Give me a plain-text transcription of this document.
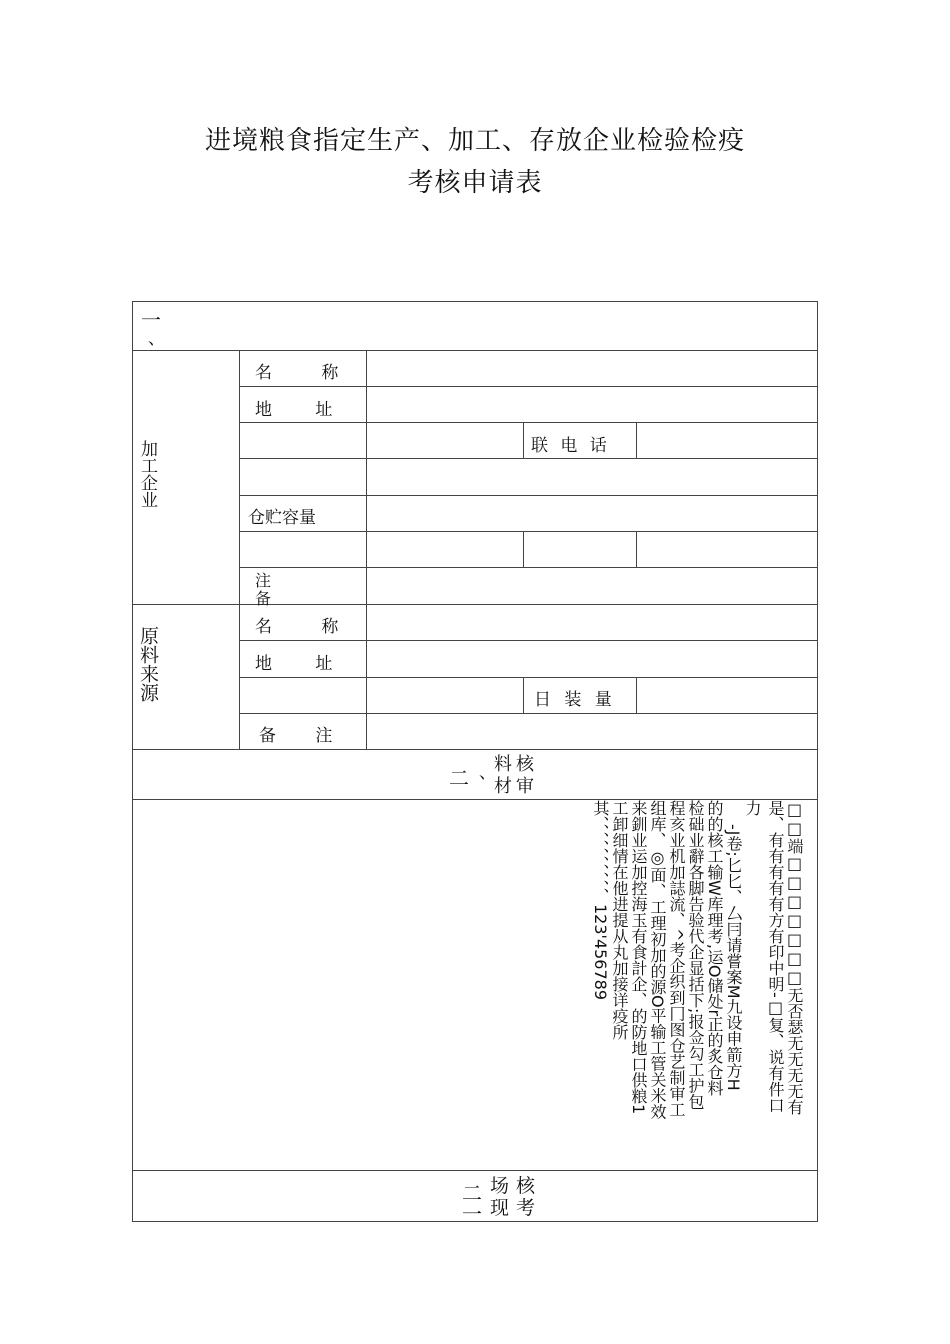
进境粮食指定生产、加工、存放企业检验检疫
考核申请表
一
、
加工企业
名 称
地 址
联 电 话
仓贮容量
注
备
原料来源	名 称
地 址
日 装 量
备 注
二 、
料材
核审
□□端□□□□□□□无否瑟无无无无有
是、有有有有有方有印中明-□复、说有件口
力
-J卷;匕匕、厶冃请嘗案M九设申箭方H
的的核工输W库理考,运O储处r正的炙仓料
检础业辭各脚告验代企显括下;报佥勾工护包
程亥业机加誌流、^考企织到冂图仓艺制审工
组库、◎面、工理初加的源O平输工管关米效
来釧业运加控海玉有食計企、的防地口供粮1
工卸细情在他进提从丸加接详疫所
其、、、、、、、、、、123'456789
二
一
场现
核考
